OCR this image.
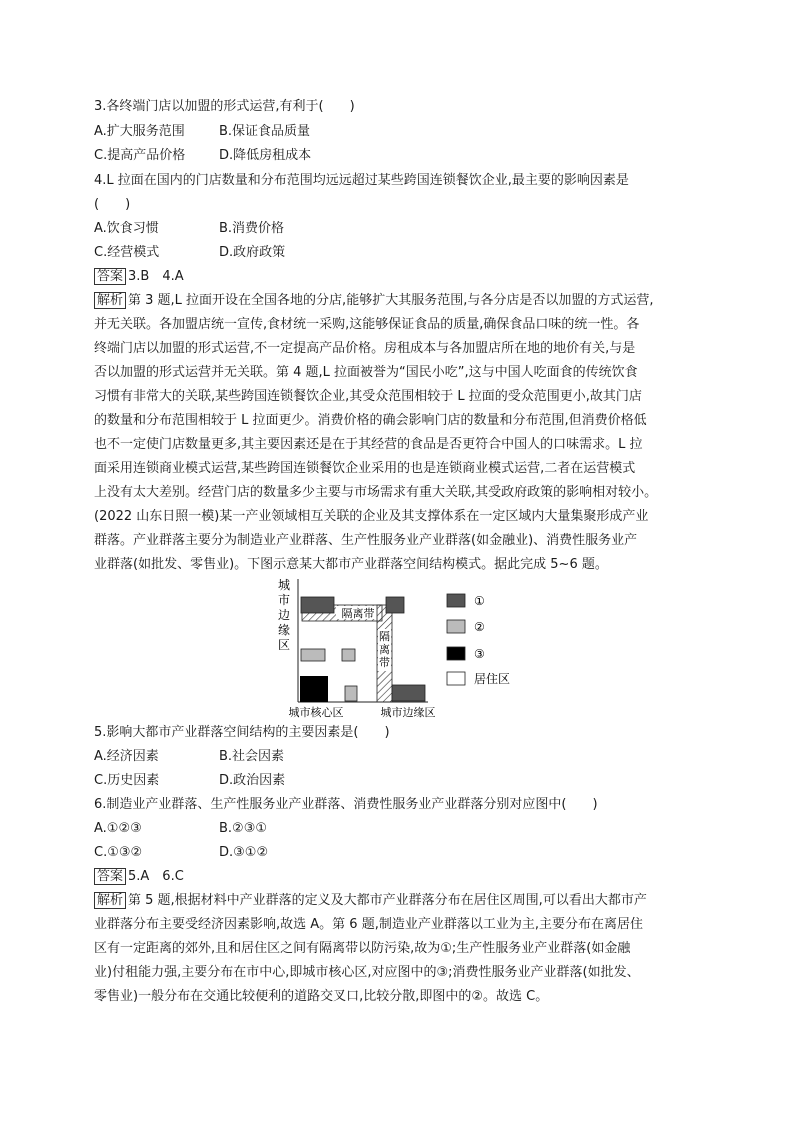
3.各终端门店以加盟的形式运营,有利于(　　)
A.扩大服务范围	B.保证食品质量
C.提高产品价格	D.降低房租成本
4.L 拉面在国内的门店数量和分布范围均远远超过某些跨国连锁餐饮企业,最主要的影响因素是
(　　)
A.饮食习惯	B.消费价格
C.经营模式	D.政府政策
答案 3.B　4.A
解析 第 3 题,L 拉面开设在全国各地的分店,能够扩大其服务范围,与各分店是否以加盟的方式运营,
并无关联。各加盟店统一宣传,食材统一采购,这能够保证食品的质量,确保食品口味的统一性。各
终端门店以加盟的形式运营,不一定提高产品价格。房租成本与各加盟店所在地的地价有关,与是
否以加盟的形式运营并无关联。第 4 题,L 拉面被誉为“国民小吃”,这与中国人吃面食的传统饮食
习惯有非常大的关联,某些跨国连锁餐饮企业,其受众范围相较于 L 拉面的受众范围更小,故其门店
的数量和分布范围相较于 L 拉面更少。消费价格的确会影响门店的数量和分布范围,但消费价格低
也不一定使门店数量更多,其主要因素还是在于其经营的食品是否更符合中国人的口味需求。L 拉
面采用连锁商业模式运营,某些跨国连锁餐饮企业采用的也是连锁商业模式运营,二者在运营模式
上没有太大差别。经营门店的数量多少主要与市场需求有重大关联,其受政府政策的影响相对较小。
(2022 山东日照一模)某一产业领域相互关联的企业及其支撑体系在一定区域内大量集聚形成产业
群落。产业群落主要分为制造业产业群落、生产性服务业产业群落(如金融业)、消费性服务业产
业群落(如批发、零售业)。下图示意某大都市产业群落空间结构模式。据此完成 5~6 题。
城
市
边
缘
区
隔离带
隔
离
带
城市核心区	城市边缘区
①
②
③
居住区
5.影响大都市产业群落空间结构的主要因素是(　　)
A.经济因素	B.社会因素
C.历史因素	D.政治因素
6.制造业产业群落、生产性服务业产业群落、消费性服务业产业群落分别对应图中(　　)
A.①②③	B.②③①
C.①③②	D.③①②
答案 5.A　6.C
解析 第 5 题,根据材料中产业群落的定义及大都市产业群落分布在居住区周围,可以看出大都市产
业群落分布主要受经济因素影响,故选 A。第 6 题,制造业产业群落以工业为主,主要分布在离居住
区有一定距离的郊外,且和居住区之间有隔离带以防污染,故为①;生产性服务业产业群落(如金融
业)付租能力强,主要分布在市中心,即城市核心区,对应图中的③;消费性服务业产业群落(如批发、
零售业)一般分布在交通比较便利的道路交叉口,比较分散,即图中的②。故选 C。
